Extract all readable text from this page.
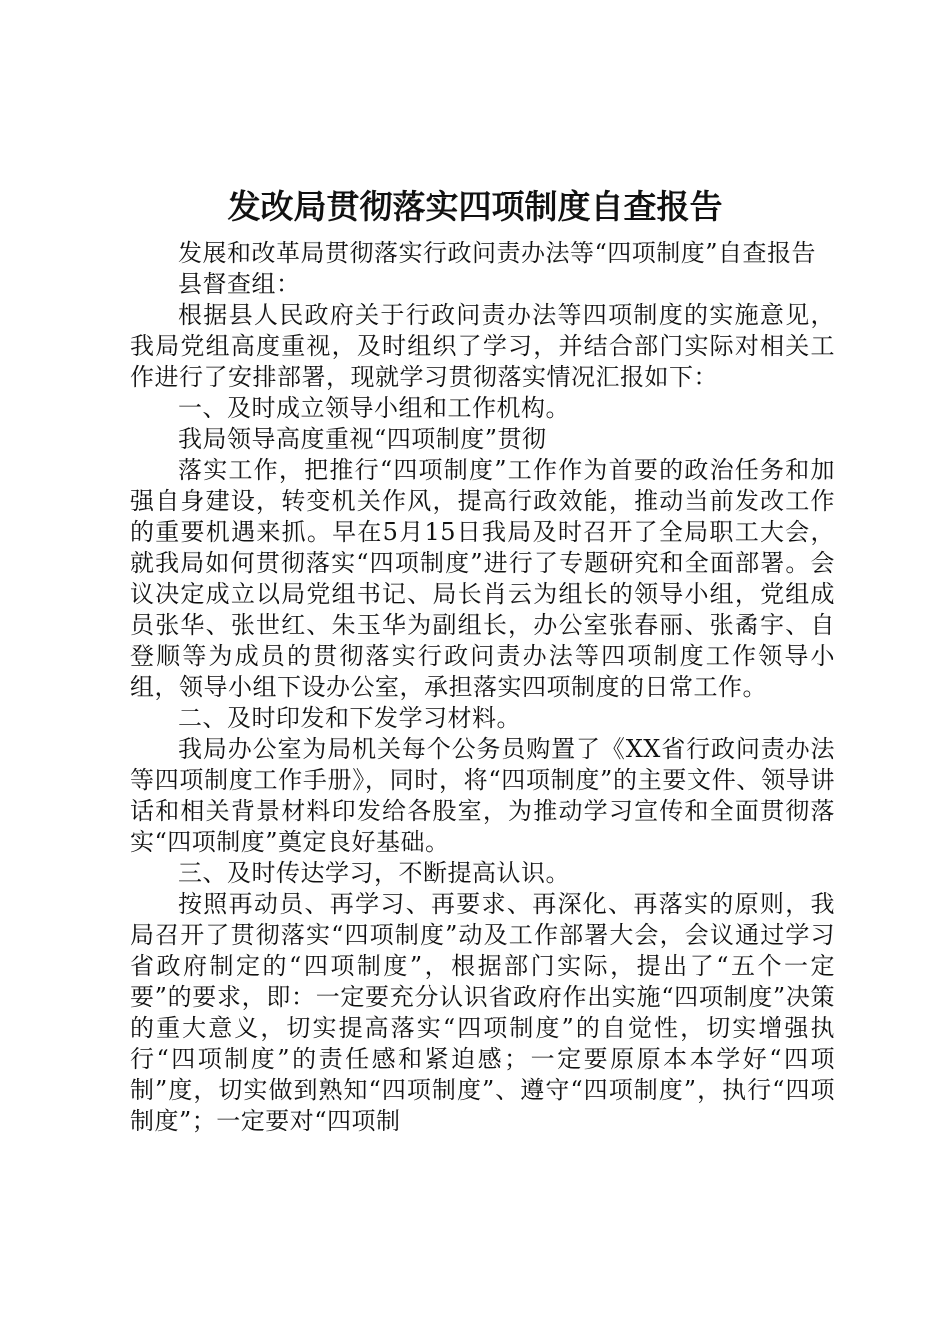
发改局贯彻落实四项制度自查报告

发展和改革局贯彻落实行政问责办法等“四项制度”自查报告

县督查组：

根据县人民政府关于行政问责办法等四项制度的实施意见，我局党组高度重视，及时组织了学习，并结合部门实际对相关工作进行了安排部署，现就学习贯彻落实情况汇报如下：

一、及时成立领导小组和工作机构。

我局领导高度重视“四项制度”贯彻

落实工作，把推行“四项制度”工作作为首要的政治任务和加强自身建设，转变机关作风，提高行政效能，推动当前发改工作的重要机遇来抓。早在5月15日我局及时召开了全局职工大会，就我局如何贯彻落实“四项制度”进行了专题研究和全面部署。会议决定成立以局党组书记、局长肖云为组长的领导小组，党组成员张华、张世红、朱玉华为副组长，办公室张春丽、张矞宇、自登顺等为成员的贯彻落实行政问责办法等四项制度工作领导小组，领导小组下设办公室，承担落实四项制度的日常工作。

二、及时印发和下发学习材料。

我局办公室为局机关每个公务员购置了《XX省行政问责办法等四项制度工作手册》，同时，将“四项制度”的主要文件、领导讲话和相关背景材料印发给各股室，为推动学习宣传和全面贯彻落实“四项制度”奠定良好基础。

三、及时传达学习，不断提高认识。

按照再动员、再学习、再要求、再深化、再落实的原则，我局召开了贯彻落实“四项制度”动及工作部署大会，会议通过学习省政府制定的“四项制度”，根据部门实际，提出了“五个一定要”的要求，即：一定要充分认识省政府作出实施“四项制度”决策的重大意义，切实提高落实“四项制度”的自觉性，切实增强执行“四项制度”的责任感和紧迫感；一定要原原本本学好“四项制”度，切实做到熟知“四项制度”、遵守“四项制度”，执行“四项制度”；一定要对“四项制
